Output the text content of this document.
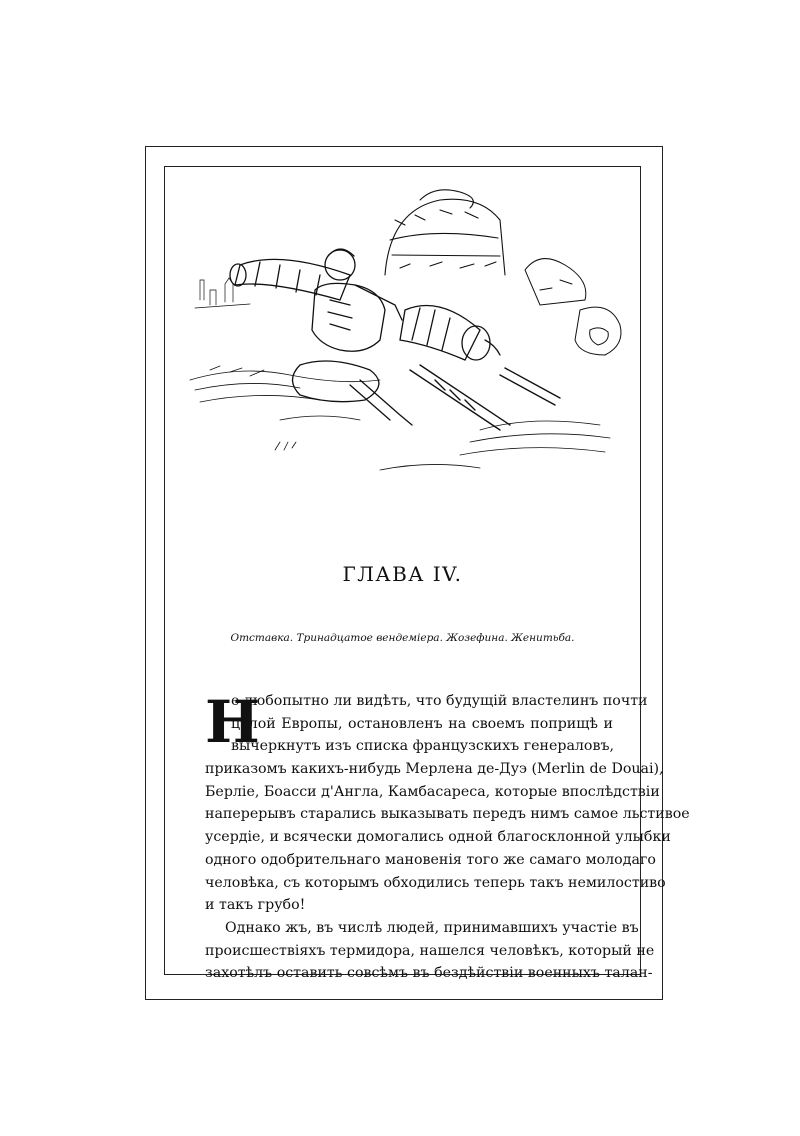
ГЛАВА IV.
Отставка. Тринадцатое вендемiера. Жозефина. Женитьба.
Н
е любопытно ли видѣть, что будущiй властелинъ почти
цѣлой Европы, остановленъ на своемъ поприщѣ и
вычеркнутъ изъ списка французскихъ генераловъ,
приказомъ какихъ-нибудь Мерлена де-Дуэ (Merlin de Douai),
Берлiе, Боасси д'Англа, Камбасареса, которые впослѣдствiи
наперерывъ старались выказывать передъ нимъ самое льстивое
усердiе, и всячески домогались одной благосклонной улыбки
одного одобрительнаго мановенiя того же самаго молодаго
человѣка, съ которымъ обходились теперь такъ немилостиво
и такъ грубо!
Однако жъ, въ числѣ людей, принимавшихъ участiе въ
происшествiяхъ термидора, нашелся человѣкъ, который не
захотѣлъ оставить совсѣмъ въ бездѣйствiи военныхъ талан-
